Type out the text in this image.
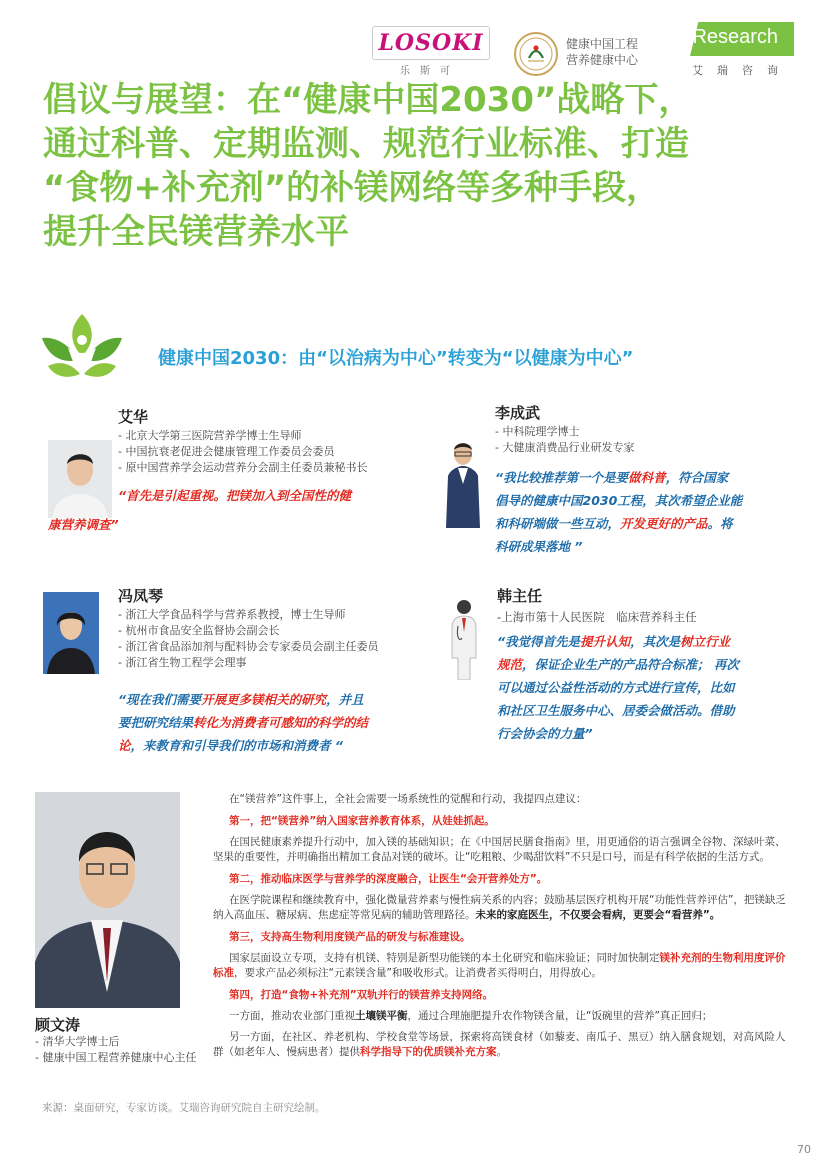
LOSOKI
乐斯可
健康中国工程
营养健康中心
iResearch
艾瑞咨询
倡议与展望：在“健康中国2030”战略下，
通过科普、定期监测、规范行业标准、打造
“食物+补充剂”的补镁网络等多种手段，
提升全民镁营养水平
健康中国2030：由“以治病为中心”转变为“以健康为中心”
艾华
- 北京大学第三医院营养学博士生导师
- 中国抗衰老促进会健康管理工作委员会委员
- 原中国营养学会运动营养分会副主任委员兼秘书长
“首先是引起重视。把镁加入到全国性的健
康营养调查”
李成武
- 中科院理学博士
- 大健康消费品行业研发专家
“我比较推荐第一个是要做科普，符合国家
倡导的健康中国2030工程，其次希望企业能
和科研端做一些互动，开发更好的产品。将
科研成果落地 ”
冯凤琴
- 浙江大学食品科学与营养系教授，博士生导师
- 杭州市食品安全监督协会副会长
- 浙江省食品添加剂与配料协会专家委员会副主任委员
- 浙江省生物工程学会理事
“现在我们需要开展更多镁相关的研究，并且
要把研究结果转化为消费者可感知的科学的结
论，来教育和引导我们的市场和消费者 “
韩主任
-上海市第十人民医院　临床营养科主任
“我觉得首先是提升认知，其次是树立行业
规范，保证企业生产的产品符合标准； 再次
可以通过公益性活动的方式进行宣传，比如
和社区卫生服务中心、居委会做活动。借助
行会协会的力量”
顾文涛
- 清华大学博士后
- 健康中国工程营养健康中心主任

在“镁营养”这件事上，全社会需要一场系统性的觉醒和行动，我提四点建议：

第一，把“镁营养”纳入国家营养教育体系，从娃娃抓起。

在国民健康素养提升行动中，加入镁的基础知识；在《中国居民膳食指南》里，用更通俗的语言强调全谷物、深绿叶菜、坚果的重要性，并明确指出精加工食品对镁的破坏。让“吃粗粮、少喝甜饮料”不只是口号，而是有科学依据的生活方式。

第二，推动临床医学与营养学的深度融合，让医生“会开营养处方”。

在医学院课程和继续教育中，强化微量营养素与慢性病关系的内容；鼓励基层医疗机构开展“功能性营养评估”，把镁缺乏纳入高血压、糖尿病、焦虑症等常见病的辅助管理路径。未来的家庭医生，不仅要会看病，更要会“看营养”。

第三，支持高生物利用度镁产品的研发与标准建设。

国家层面设立专项，支持有机镁、特别是新型功能镁的本土化研究和临床验证；同时加快制定镁补充剂的生物利用度评价标准，要求产品必须标注“元素镁含量”和吸收形式。让消费者买得明白，用得放心。

第四，打造“食物+补充剂”双轨并行的镁营养支持网络。

一方面，推动农业部门重视土壤镁平衡，通过合理施肥提升农作物镁含量，让“饭碗里的营养”真正回归；

另一方面，在社区、养老机构、学校食堂等场景，探索将高镁食材（如藜麦、南瓜子、黑豆）纳入膳食规划，对高风险人群（如老年人、慢病患者）提供科学指导下的优质镁补充方案。

来源：桌面研究，专家访谈。艾瑞咨询研究院自主研究绘制。
70
